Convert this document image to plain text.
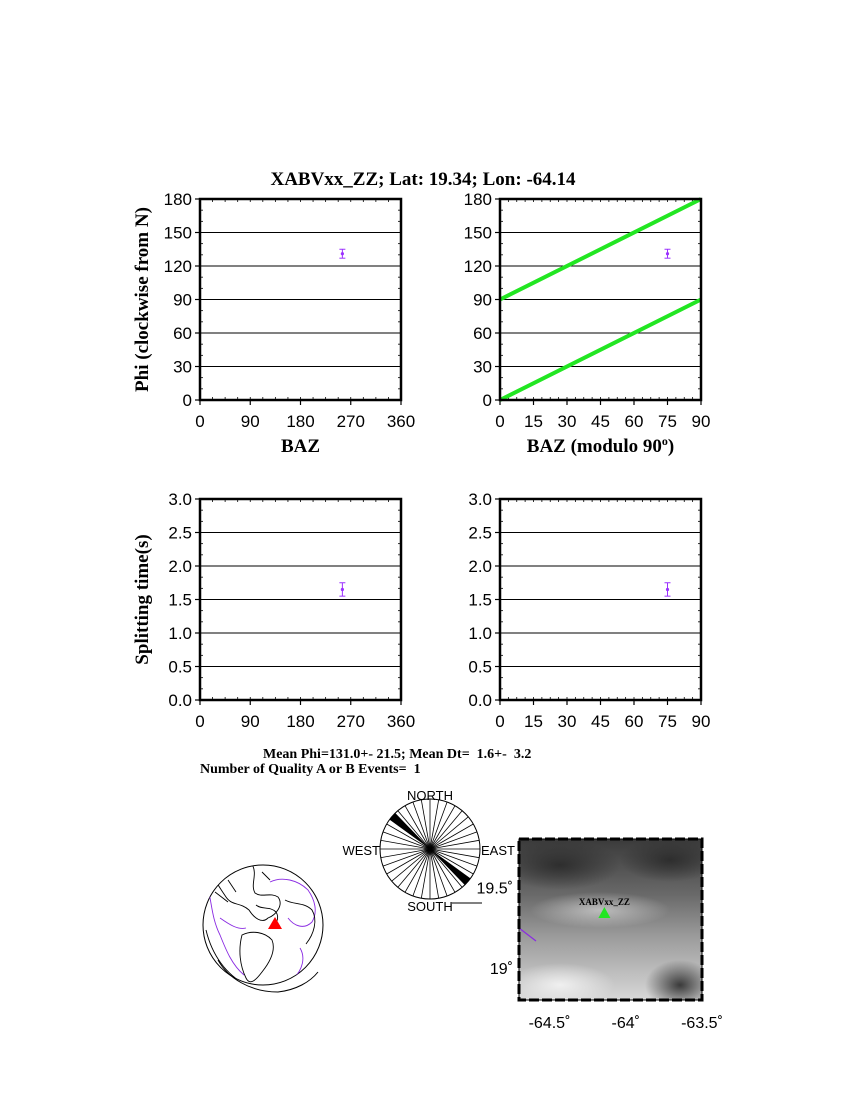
XABVxx_ZZ; Lat: 19.34; Lon: -64.14
0
30
60
90
120
150
180
0 90 180 270 360
BAZ
Phi (clockwise from N)
0
30
60
90
120
150
180
0 15 30 45 60 75 90
BAZ (modulo 90$^o$)
0.0
0.5
1.0
1.5
2.0
2.5
3.0
0 90 180 270 360
Splitting time(s)
0.0
0.5
1.0
1.5
2.0
2.5
3.0
0 15 30 45 60 75 90
Mean Phi=131.0+- 21.5; Mean Dt=  1.6+-  3.2
Number of Quality A or B Events=  1
NORTH
SOUTH
EAST
WEST
XABVxx_ZZ
19.5˚
19˚
-64.5˚	-64˚	-63.5˚
